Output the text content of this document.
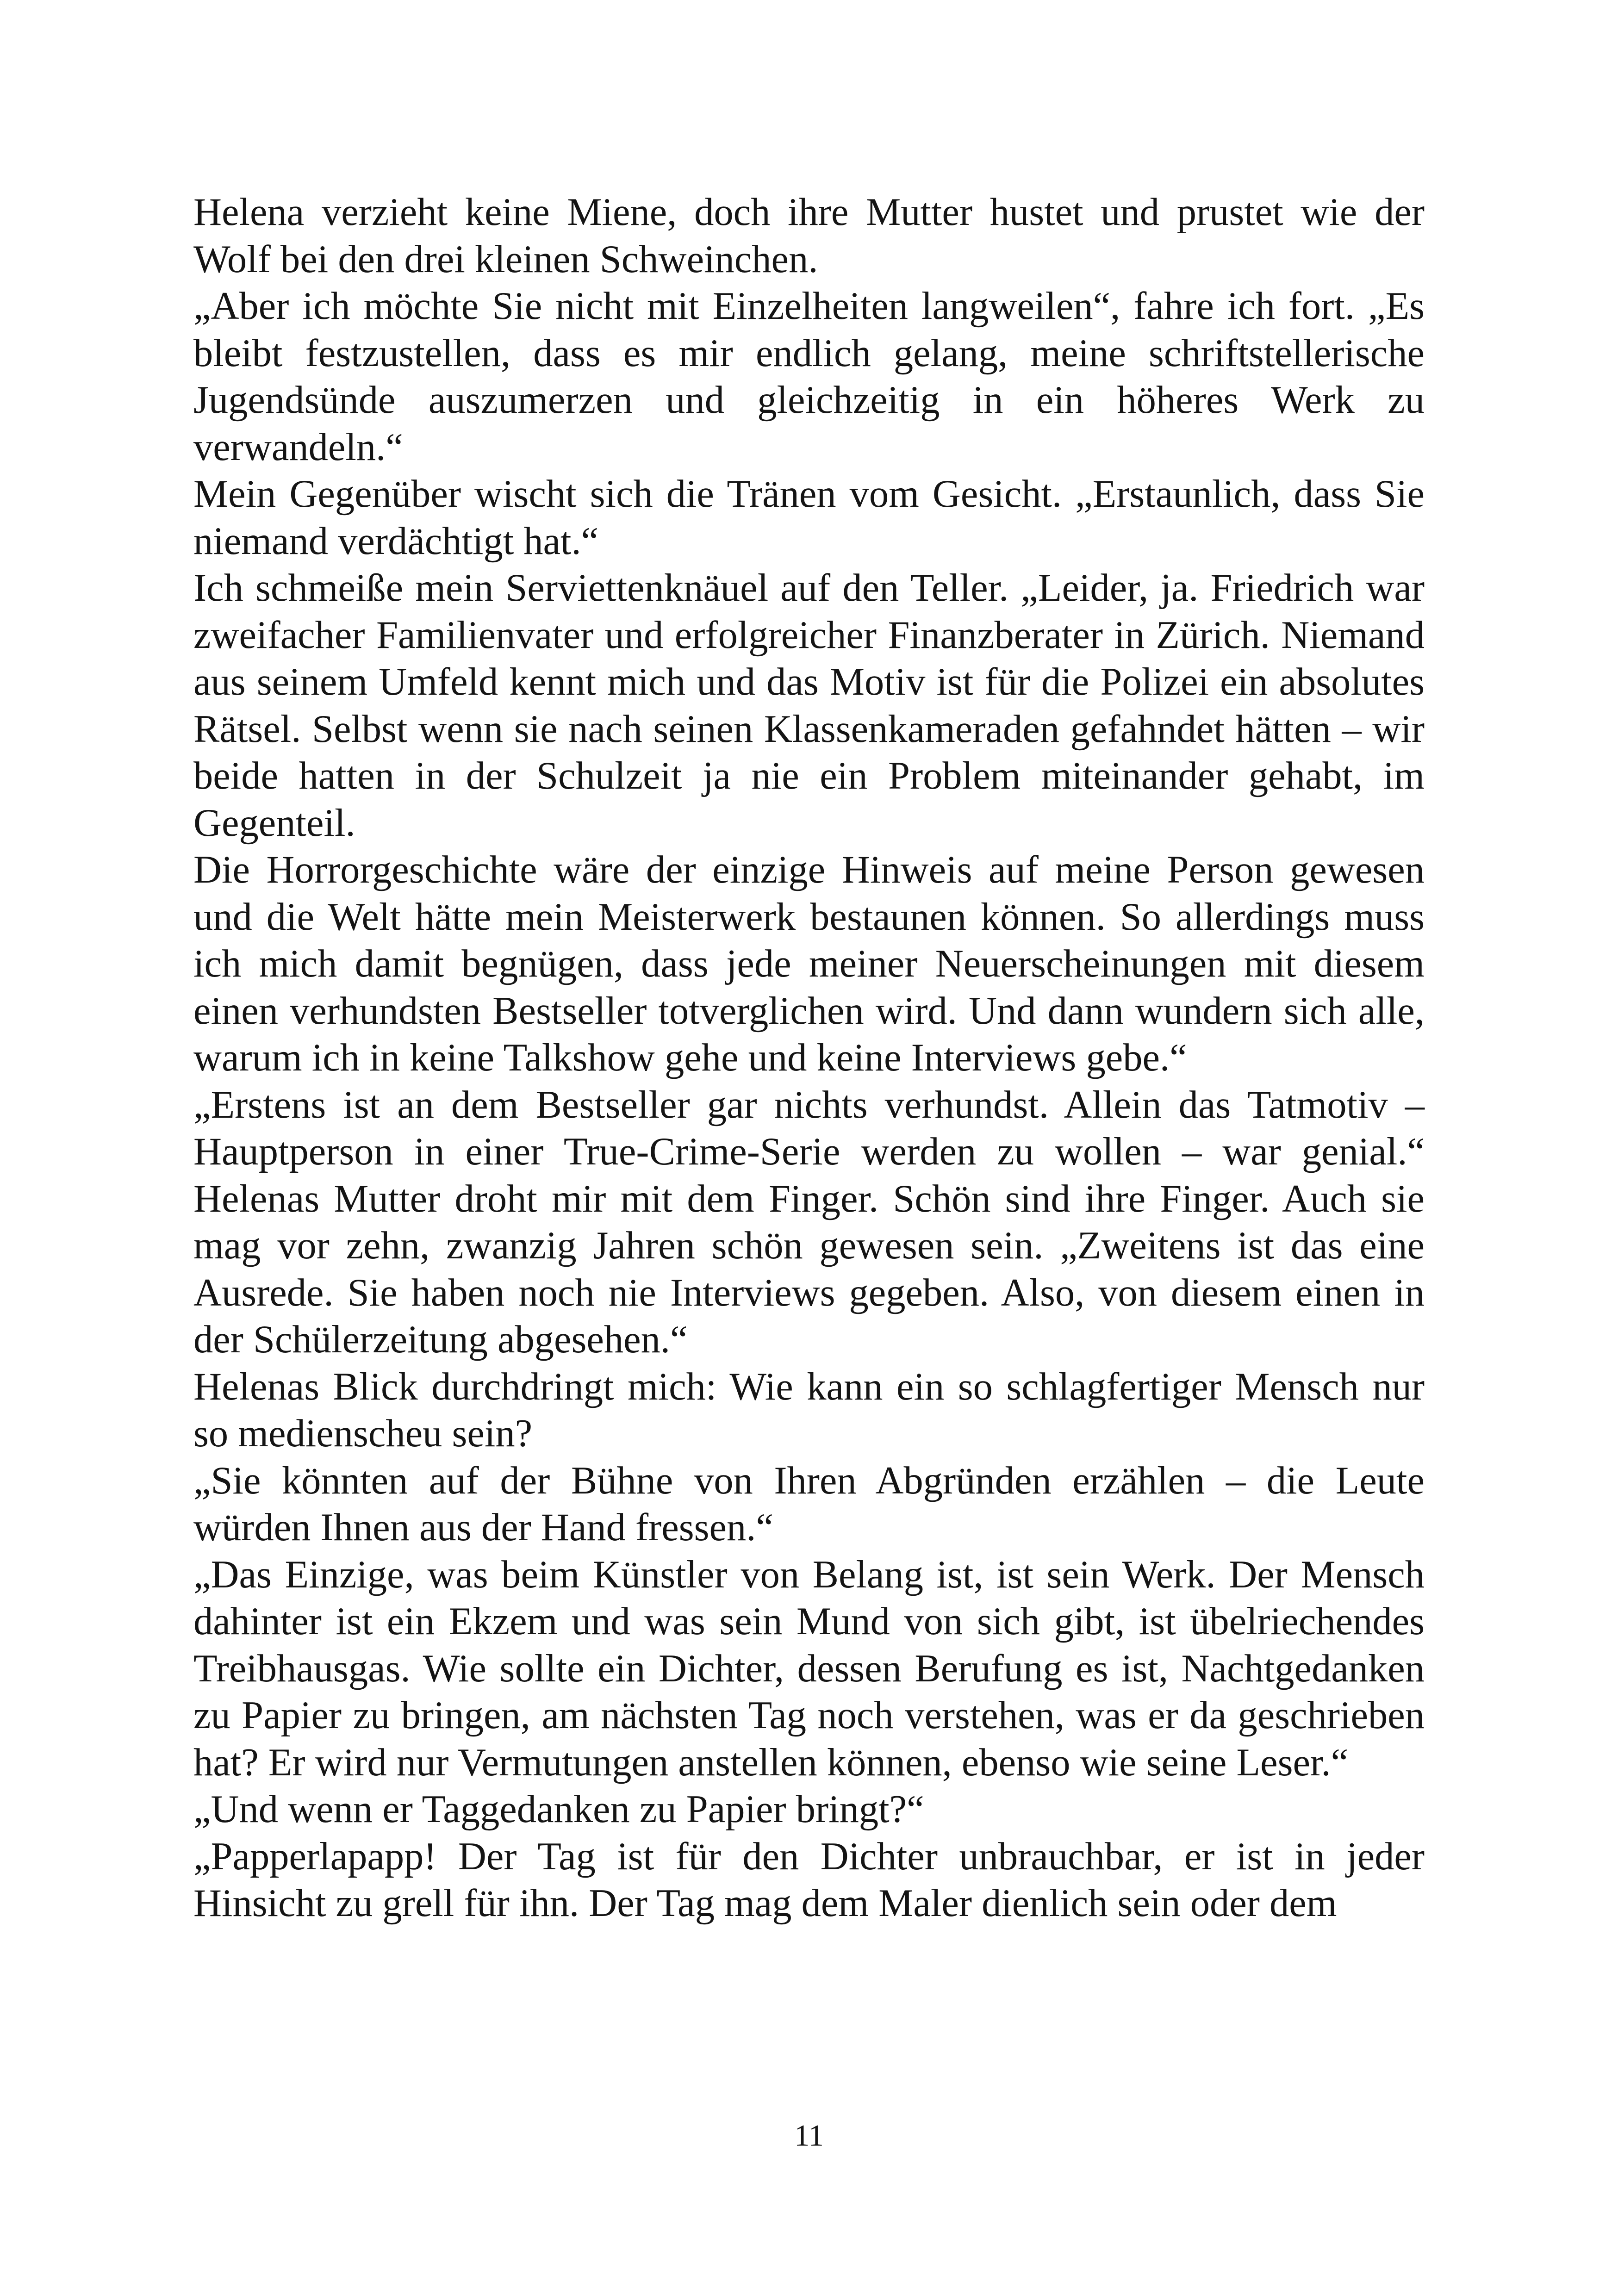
Helena verzieht keine Miene, doch ihre Mutter hustet und prustet wie der Wolf bei den drei kleinen Schweinchen.

„Aber ich möchte Sie nicht mit Einzelheiten langweilen“, fahre ich fort. „Es bleibt festzustellen, dass es mir endlich gelang, meine schriftstellerische Jugendsünde auszumerzen und gleichzeitig in ein höheres Werk zu verwandeln.“

Mein Gegenüber wischt sich die Tränen vom Gesicht. „Erstaunlich, dass Sie niemand verdächtigt hat.“

Ich schmeiße mein Serviettenknäuel auf den Teller. „Leider, ja. Friedrich war zweifacher Familienvater und erfolgreicher Finanzberater in Zürich. Niemand aus seinem Umfeld kennt mich und das Motiv ist für die Polizei ein absolutes Rätsel. Selbst wenn sie nach seinen Klassenkameraden gefahndet hätten – wir beide hatten in der Schulzeit ja nie ein Problem miteinander gehabt, im Gegenteil.

Die Horrorgeschichte wäre der einzige Hinweis auf meine Person gewesen und die Welt hätte mein Meisterwerk bestaunen können. So allerdings muss ich mich damit begnügen, dass jede meiner Neuerscheinungen mit diesem einen verhundsten Bestseller totverglichen wird. Und dann wundern sich alle, warum ich in keine Talkshow gehe und keine Interviews gebe.“

„Erstens ist an dem Bestseller gar nichts verhundst. Allein das Tatmotiv – Hauptperson in einer True-Crime-Serie werden zu wollen – war genial.“ Helenas Mutter droht mir mit dem Finger. Schön sind ihre Finger. Auch sie mag vor zehn, zwanzig Jahren schön gewesen sein. „Zweitens ist das eine Ausrede. Sie haben noch nie Interviews gegeben. Also, von diesem einen in der Schülerzeitung abgesehen.“

Helenas Blick durchdringt mich: Wie kann ein so schlagfertiger Mensch nur so medienscheu sein?

„Sie könnten auf der Bühne von Ihren Abgründen erzählen – die Leute würden Ihnen aus der Hand fressen.“

„Das Einzige, was beim Künstler von Belang ist, ist sein Werk. Der Mensch dahinter ist ein Ekzem und was sein Mund von sich gibt, ist übelriechendes Treibhausgas. Wie sollte ein Dichter, dessen Berufung es ist, Nachtgedanken zu Papier zu bringen, am nächsten Tag noch verstehen, was er da geschrieben hat? Er wird nur Vermutungen anstellen können, ebenso wie seine Leser.“

„Und wenn er Taggedanken zu Papier bringt?“

„Papperlapapp! Der Tag ist für den Dichter unbrauchbar, er ist in jeder Hinsicht zu grell für ihn. Der Tag mag dem Maler dienlich sein oder dem

11
